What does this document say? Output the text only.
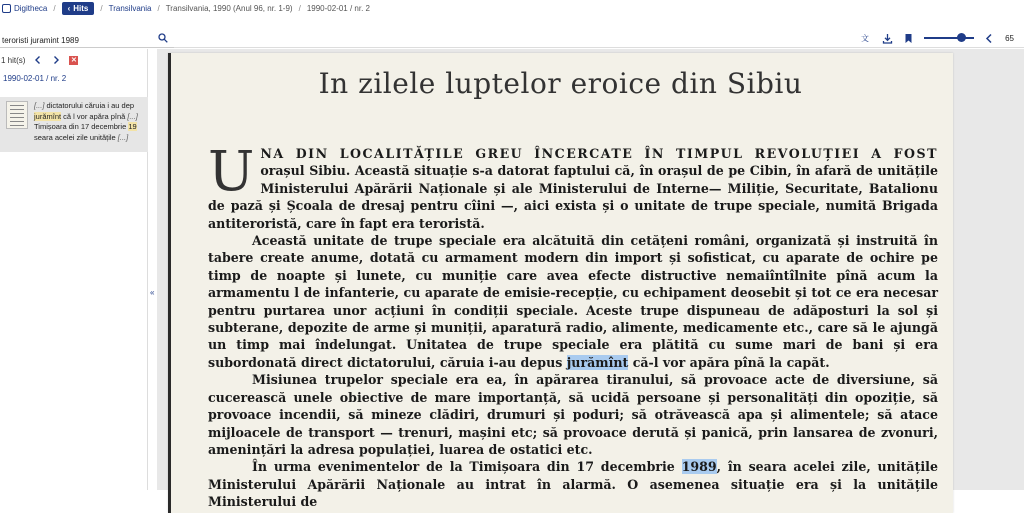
Digitheca / ‹ Hits / Transilvania / Transilvania, 1990 (Anul 96, nr. 1-9) / 1990-02-01 / nr. 2
teroristi juramint 1989
文	65
1 hit(s)	✕
1990-02-01 / nr. 2
[...] dictatorului căruia i au dep
jurămînt că l vor apăra pînă [...]
Timișoara din 17 decembrie 19
seara acelei zile unitățile [...]
«
In zilele luptelor eroice din Sibiu

UNA DIN LOCALITĂȚILE GREU ÎNCERCATE ÎN TIMPUL REVOLUȚIEI A FOST orașul Sibiu. Această situație s-a datorat faptului că, în orașul de pe Cibin, în afară de unitățile Ministerului Apărării Naționale și ale Ministerului de Interne— Miliție, Securitate, Batalionu de pază și Școala de dresaj pentru cîini —, aici exista și o unitate de trupe speciale, numită Brigada antiteroristă, care în fapt era teroristă.

Această unitate de trupe speciale era alcătuită din cetățeni români, organizată și instruită în tabere create anume, dotată cu armament modern din import și sofisticat, cu aparate de ochire pe timp de noapte și lunete, cu muniție care avea efecte distructive nemaiîntîlnite pînă acum la armamentu l de infanterie, cu aparate de emisie-recepție, cu echipament deosebit și tot ce era necesar pentru purtarea unor acțiuni în condiții speciale. Aceste trupe dispuneau de adăposturi la sol și subterane, depozite de arme și muniții, aparatură radio, alimente, medicamente etc., care să le ajungă un timp mai îndelungat. Unitatea de trupe speciale era plătită cu sume mari de bani și era subordonată direct dictatorului, căruia i-au depus jurămînt că-l vor apăra pînă la capăt.

Misiunea trupelor speciale era ea, în apărarea tiranului, să provoace acte de diversiune, să cucerească unele obiective de mare importanță, să ucidă persoane și personalități din opoziție, să provoace incendii, să mineze clădiri, drumuri și poduri; să otrăvească apa și alimentele; să atace mijloacele de transport — trenuri, mașini etc; să provoace derută și panică, prin lansarea de zvonuri, amenințări la adresa populației, luarea de ostatici etc.

În urma evenimentelor de la Timișoara din 17 decembrie 1989, în seara acelei zile, unitățile Ministerului Apărării Naționale au intrat în alarmă. O asemenea situație era și la unitățile Ministerului de
